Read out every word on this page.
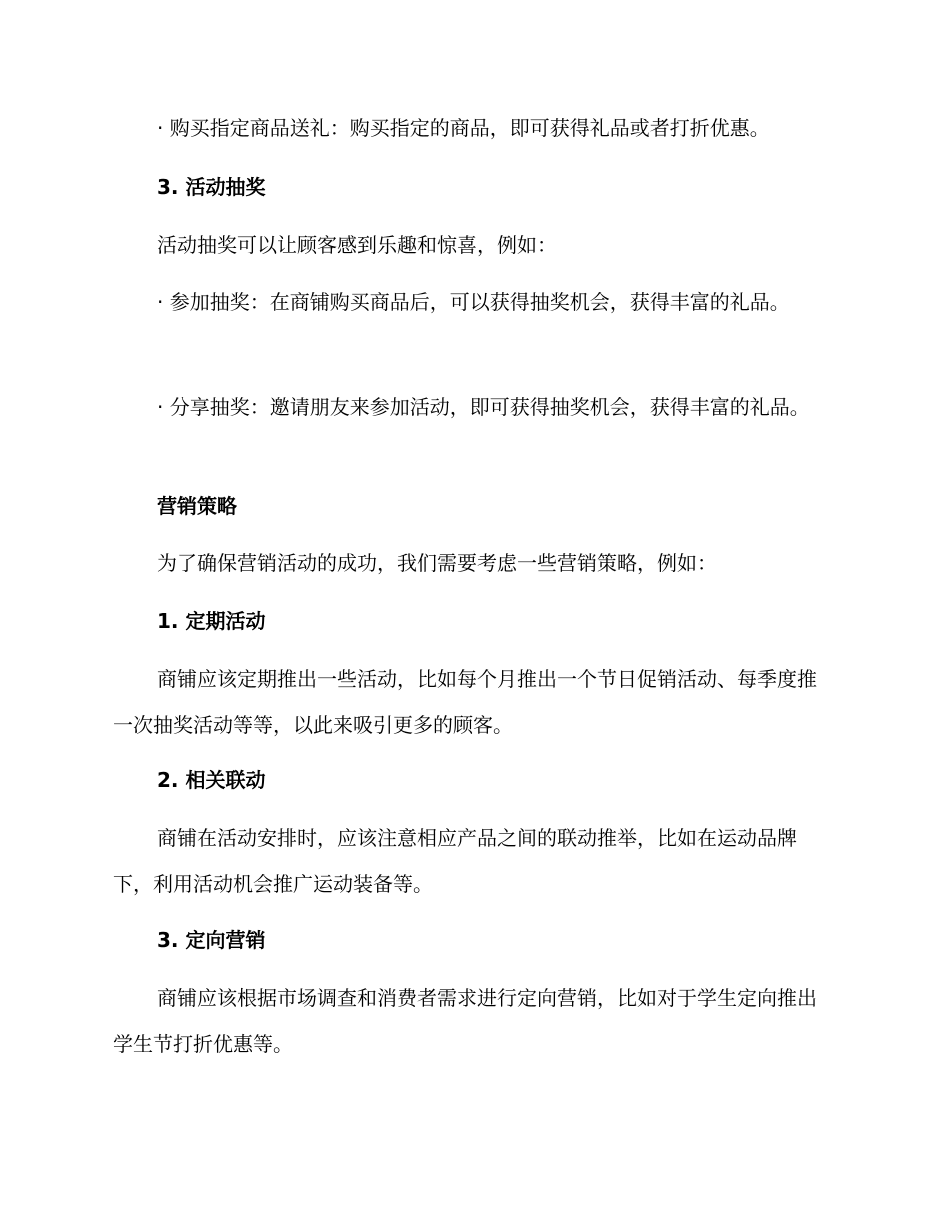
· 购买指定商品送礼：购买指定的商品，即可获得礼品或者打折优惠。
3. 活动抽奖
活动抽奖可以让顾客感到乐趣和惊喜，例如：
· 参加抽奖：在商铺购买商品后，可以获得抽奖机会，获得丰富的礼品。
· 分享抽奖：邀请朋友来参加活动，即可获得抽奖机会，获得丰富的礼品。
营销策略
为了确保营销活动的成功，我们需要考虑一些营销策略，例如：
1. 定期活动
商铺应该定期推出一些活动，比如每个月推出一个节日促销活动、每季度推一次抽奖活动等等，以此来吸引更多的顾客。
2. 相关联动
商铺在活动安排时，应该注意相应产品之间的联动推举，比如在运动品牌下，利用活动机会推广运动装备等。
3. 定向营销
商铺应该根据市场调查和消费者需求进行定向营销，比如对于学生定向推出学生节打折优惠等。
